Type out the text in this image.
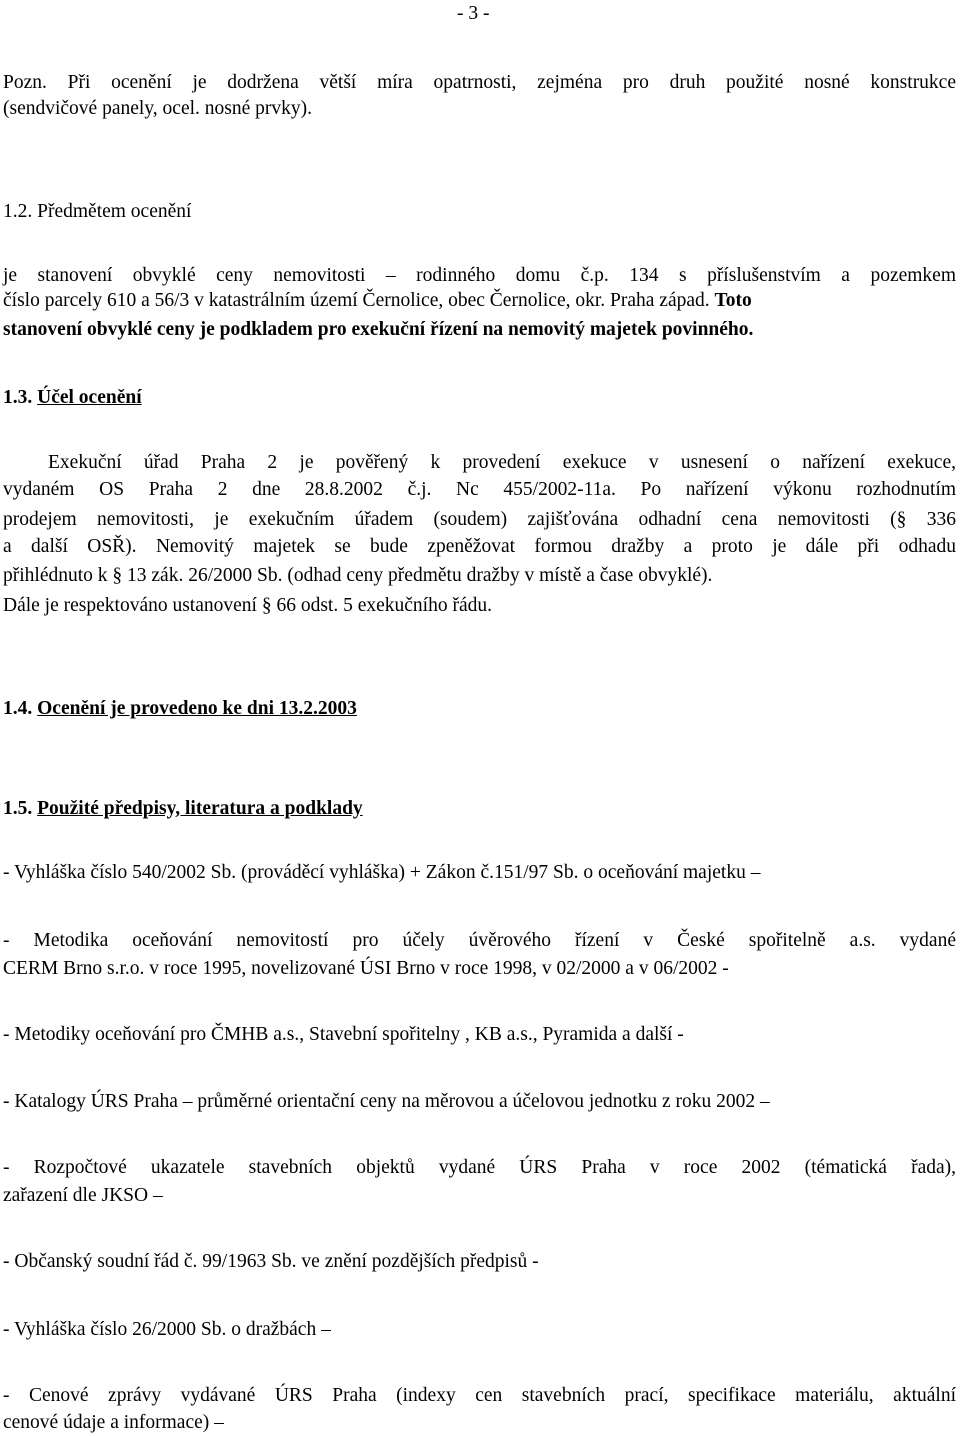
- 3 -
Pozn. Při ocenění je dodržena větší míra opatrnosti, zejména pro druh použité nosné konstrukce
(sendvičové panely, ocel. nosné prvky).
1.2. Předmětem ocenění
je stanovení obvyklé ceny nemovitosti – rodinného domu č.p. 134 s příslušenstvím a pozemkem
číslo parcely 610 a 56/3 v katastrálním území Černolice, obec Černolice, okr. Praha západ. Toto
stanovení obvyklé ceny je podkladem pro exekuční řízení na nemovitý majetek povinného.
1.3. Účel ocenění
Exekuční úřad Praha 2 je pověřený k provedení exekuce v usnesení o nařízení exekuce,
vydaném OS Praha 2 dne 28.8.2002 č.j. Nc 455/2002-11a. Po nařízení výkonu rozhodnutím
prodejem nemovitosti, je exekučním úřadem (soudem) zajišťována odhadní cena nemovitosti (§ 336
a další OSŘ). Nemovitý majetek se bude zpeněžovat formou dražby a proto je dále při odhadu
přihlédnuto k § 13 zák. 26/2000 Sb. (odhad ceny předmětu dražby v místě a čase obvyklé).
Dále je respektováno ustanovení § 66 odst. 5 exekučního řádu.
1.4. Ocenění je provedeno ke dni 13.2.2003
1.5. Použité předpisy, literatura a podklady
- Vyhláška číslo 540/2002 Sb. (prováděcí vyhláška) + Zákon č.151/97 Sb. o oceňování majetku –
- Metodika oceňování nemovitostí pro účely úvěrového řízení v České spořitelně a.s. vydané
CERM Brno s.r.o. v roce 1995, novelizované ÚSI Brno v roce 1998, v 02/2000 a v 06/2002 -
- Metodiky oceňování pro ČMHB a.s., Stavební spořitelny , KB a.s., Pyramida a další -
- Katalogy ÚRS Praha – průměrné orientační ceny na měrovou a účelovou jednotku z roku 2002 –
- Rozpočtové ukazatele stavebních objektů vydané ÚRS Praha v roce 2002 (tématická řada),
zařazení dle JKSO –
- Občanský soudní řád č. 99/1963 Sb. ve znění pozdějších předpisů -
- Vyhláška číslo 26/2000 Sb. o dražbách –
- Cenové zprávy vydávané ÚRS Praha (indexy cen stavebních prací, specifikace materiálu, aktuální
cenové údaje a informace) –
